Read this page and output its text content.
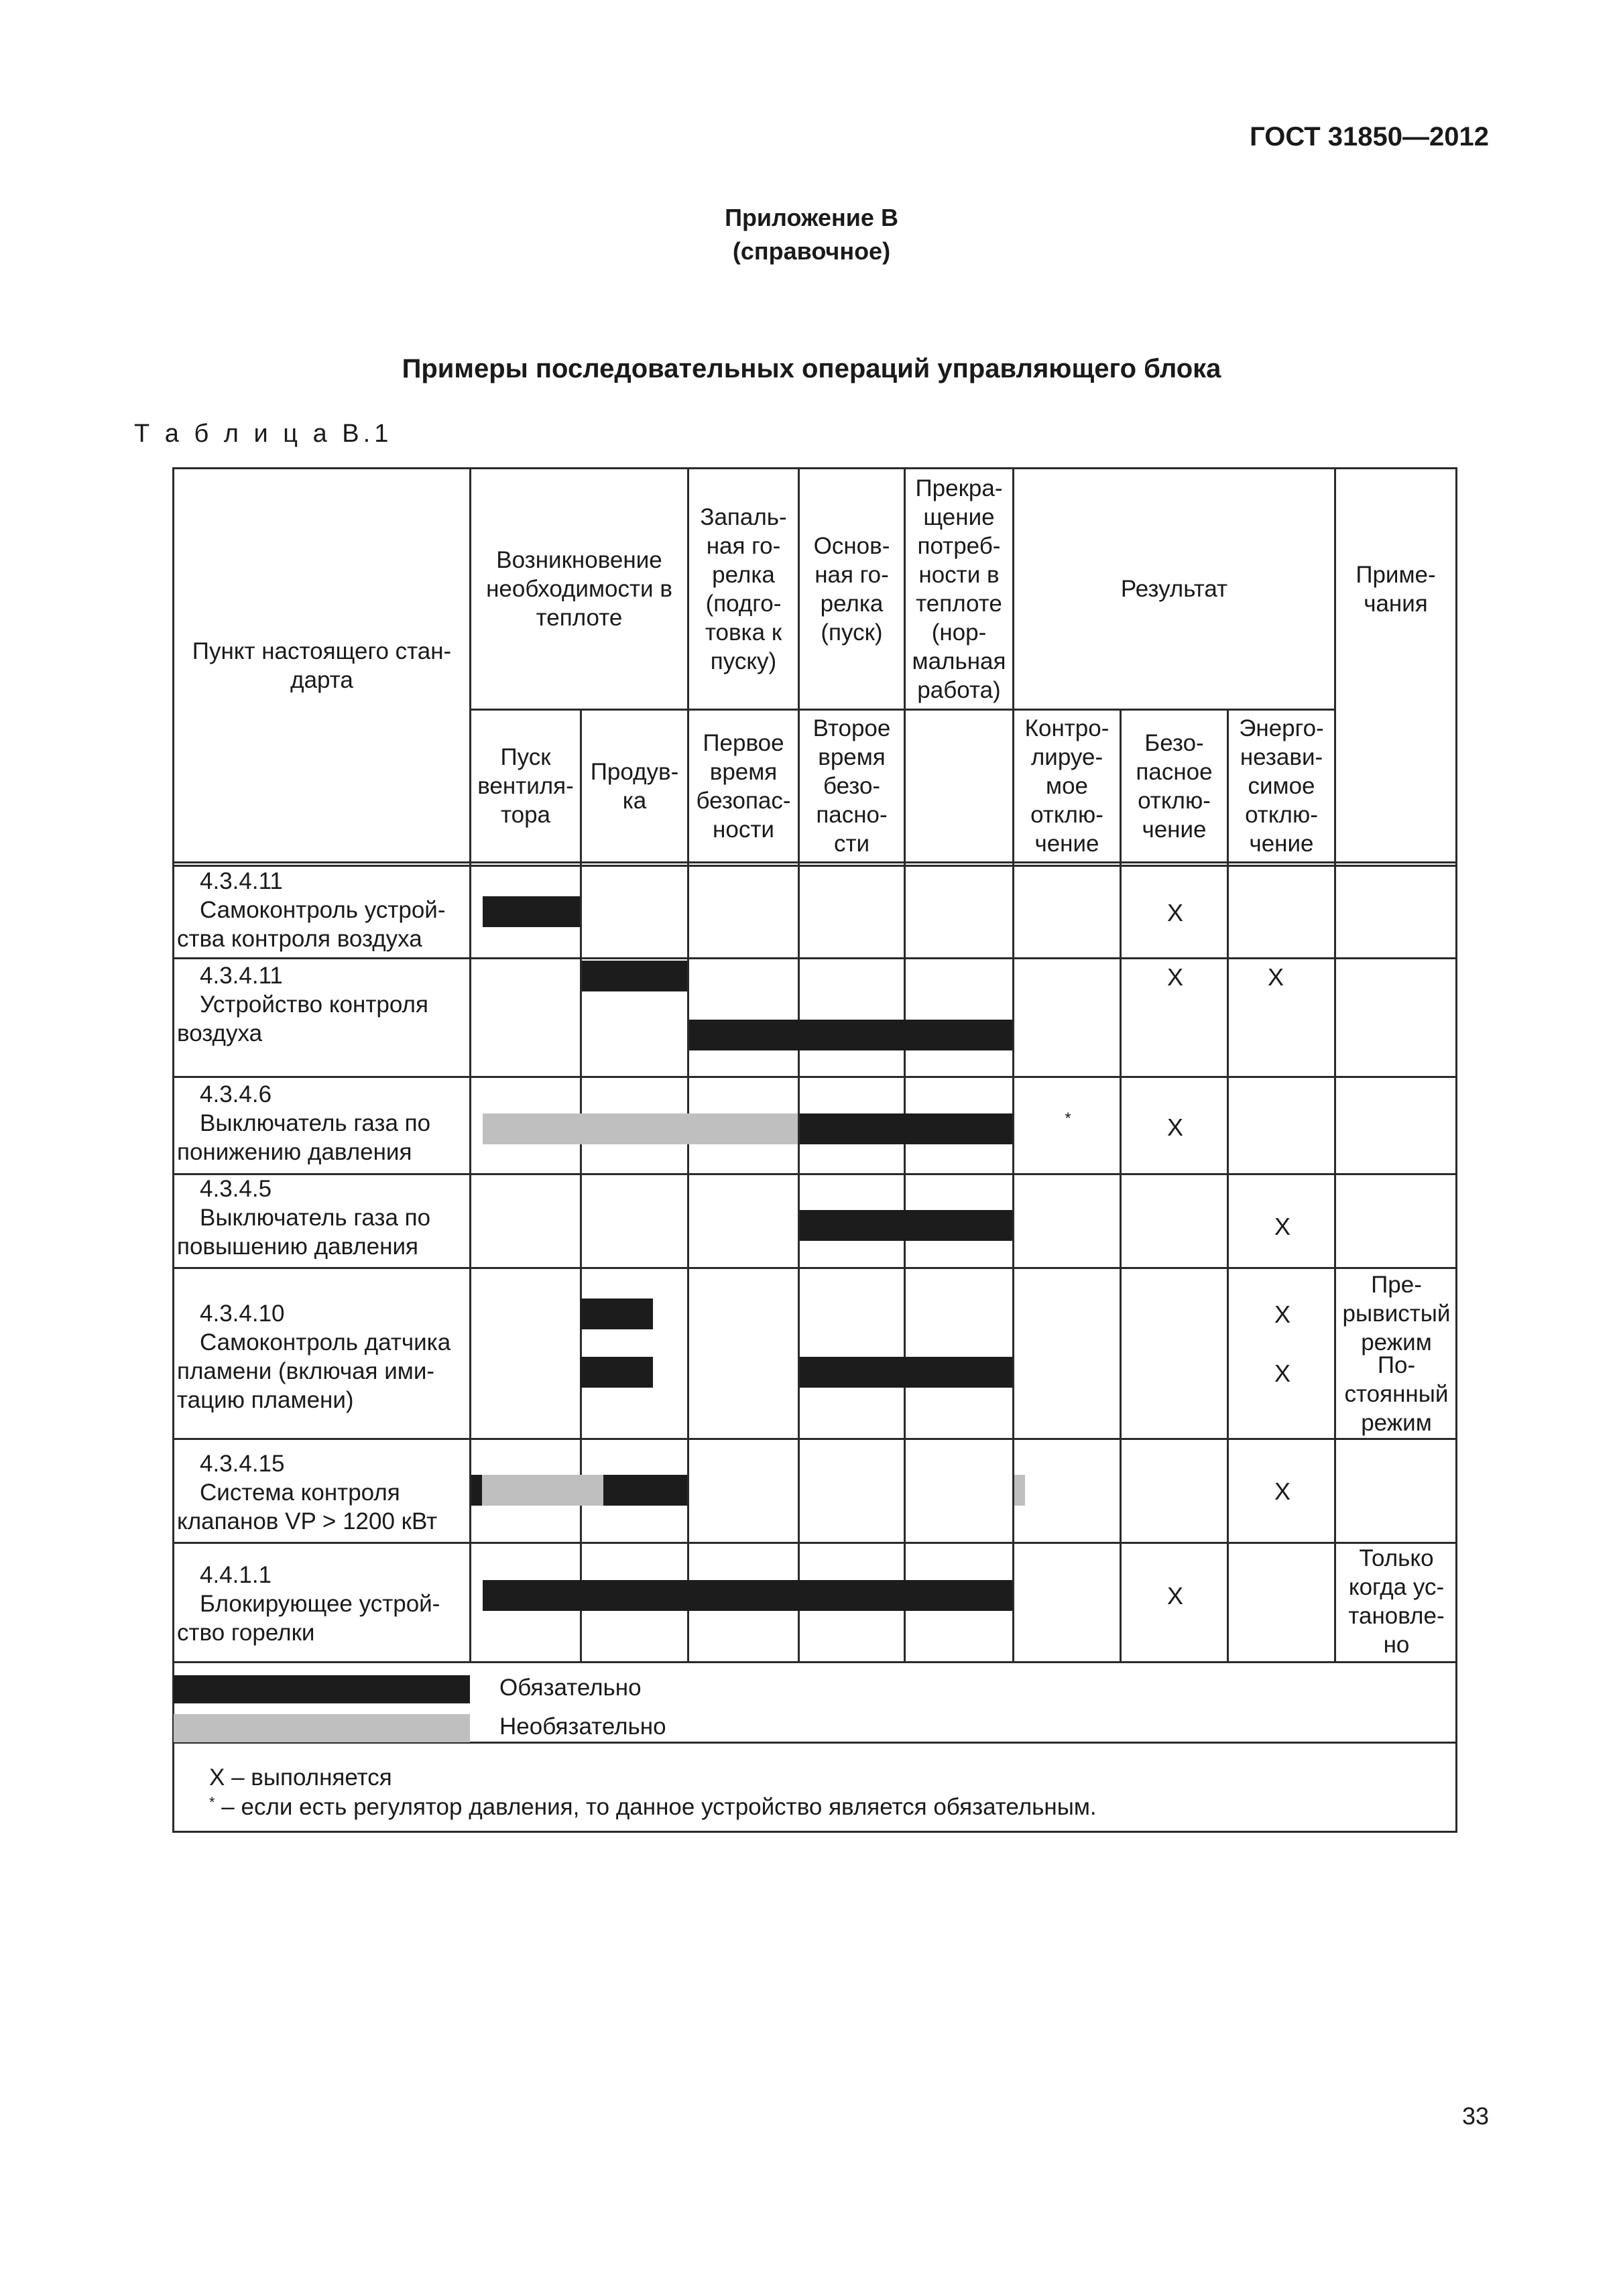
ГОСТ 31850—2012
Приложение В
(справочное)
Примеры последовательных операций управляющего блока
Т а б л и ц а В.1
Пункт настоящего стан-
дарта
Возникновение
необходимости в
теплоте
Пуск
вентиля-
тора
Продув-
ка
Запаль-
ная го-
релка
(подго-
товка к
пуску)
Первое
время
безопас-
ности
Основ-
ная го-
релка
(пуск)
Второе
время
безо-
пасно-
сти
Прекра-
щение
потреб-
ности в
теплоте
(нор-
мальная
работа)
Результат
Контро-
лируе-
мое
отклю-
чение
Безо-
пасное
отклю-
чение
Энерго-
незави-
симое
отклю-
чение
Приме-
чания
4.3.4.11
Самоконтроль устрой-
ства контроля воздуха
X
4.3.4.11
Устройство контроля
воздуха
X	X
4.3.4.6
Выключатель газа по
понижению давления
*	X
4.3.4.5
Выключатель газа по
повышению давления
X
4.3.4.10
Самоконтроль датчика
пламени (включая ими-
тацию пламени)
X
X
Пре-
рывистый
режим
По-
стоянный
режим
4.3.4.15
Система контроля
клапанов VP > 1200 кВт
X
4.4.1.1
Блокирующее устрой-
ство горелки
X
Только
когда ус-
тановле-
но
Обязательно
Необязательно
X – выполняется
* – если есть регулятор давления, то данное устройство является обязательным.
33
